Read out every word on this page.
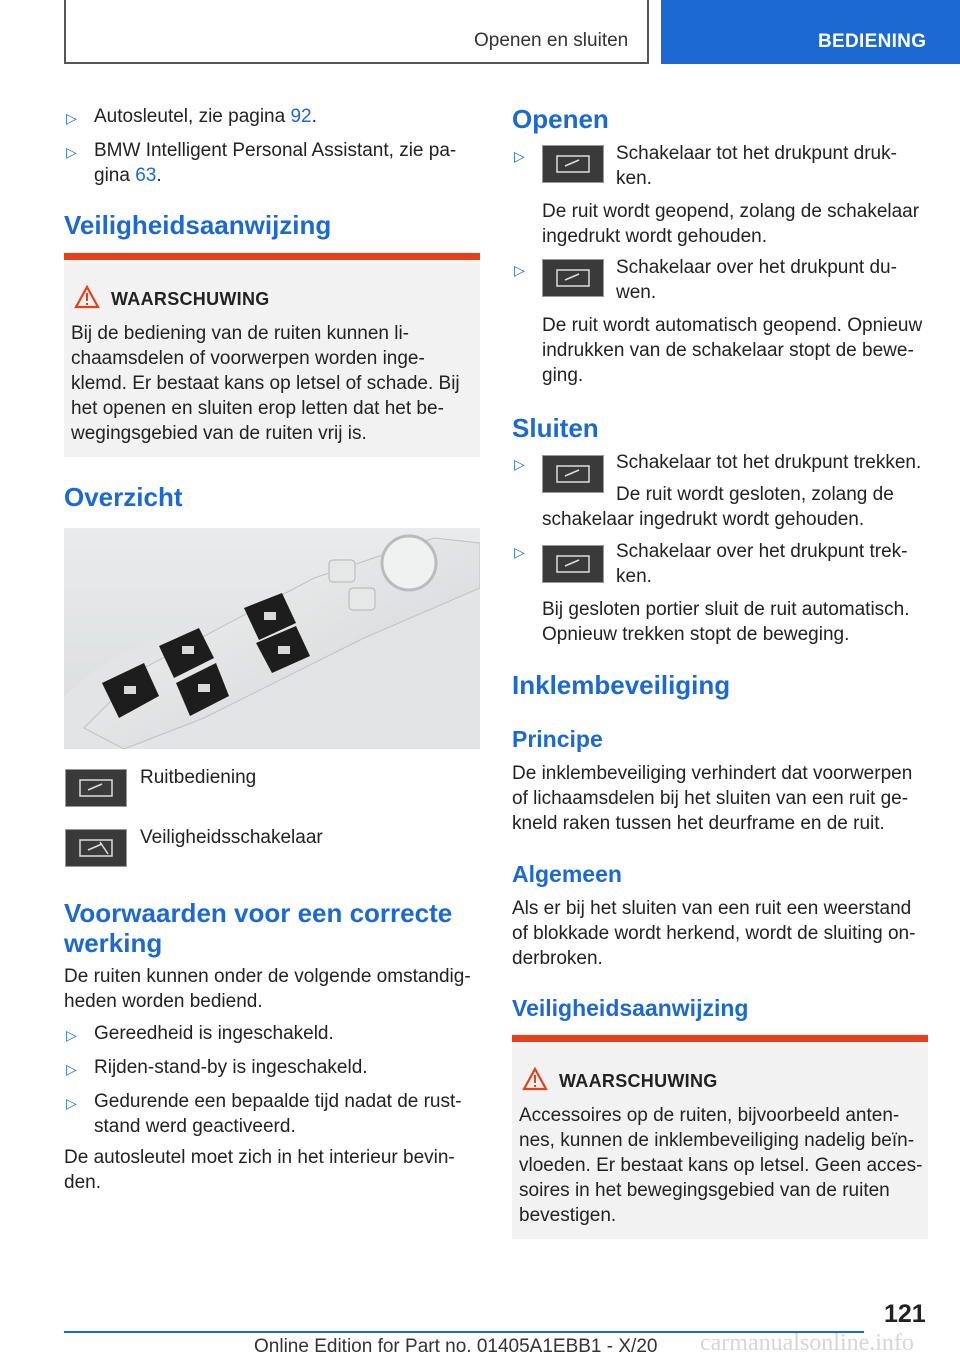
Openen en sluiten	BEDIENING
▷ Autosleutel, zie pagina 92.
▷ BMW Intelligent Personal Assistant, zie pa-
gina 63.
Veiligheidsaanwijzing
WAARSCHUWING
Bij de bediening van de ruiten kunnen li-
chaamsdelen of voorwerpen worden inge-
klemd. Er bestaat kans op letsel of schade. Bij
het openen en sluiten erop letten dat het be-
wegingsgebied van de ruiten vrij is.
Overzicht
Ruitbediening
Veiligheidsschakelaar
Voorwaarden voor een correcte
werking
De ruiten kunnen onder de volgende omstandig-
heden worden bediend.
▷ Gereedheid is ingeschakeld.
▷ Rijden-stand-by is ingeschakeld.
▷ Gedurende een bepaalde tijd nadat de rust-
stand werd geactiveerd.
De autosleutel moet zich in het interieur bevin-
den.
Openen
▷	Schakelaar tot het drukpunt druk-
ken.
De ruit wordt geopend, zolang de schakelaar
ingedrukt wordt gehouden.
▷	Schakelaar over het drukpunt du-
wen.
De ruit wordt automatisch geopend. Opnieuw
indrukken van de schakelaar stopt de bewe-
ging.
Sluiten
▷	Schakelaar tot het drukpunt trekken.
De ruit wordt gesloten, zolang de
schakelaar ingedrukt wordt gehouden.
▷	Schakelaar over het drukpunt trek-
ken.
Bij gesloten portier sluit de ruit automatisch.
Opnieuw trekken stopt de beweging.
Inklembeveiliging
Principe
De inklembeveiliging verhindert dat voorwerpen
of lichaamsdelen bij het sluiten van een ruit ge-
kneld raken tussen het deurframe en de ruit.
Algemeen
Als er bij het sluiten van een ruit een weerstand
of blokkade wordt herkend, wordt de sluiting on-
derbroken.
Veiligheidsaanwijzing
WAARSCHUWING
Accessoires op de ruiten, bijvoorbeeld anten-
nes, kunnen de inklembeveiliging nadelig beïn-
vloeden. Er bestaat kans op letsel. Geen acces-
soires in het bewegingsgebied van de ruiten
bevestigen.
121
Online Edition for Part no. 01405A1EBB1 - X/20 carmanualsonline.info
